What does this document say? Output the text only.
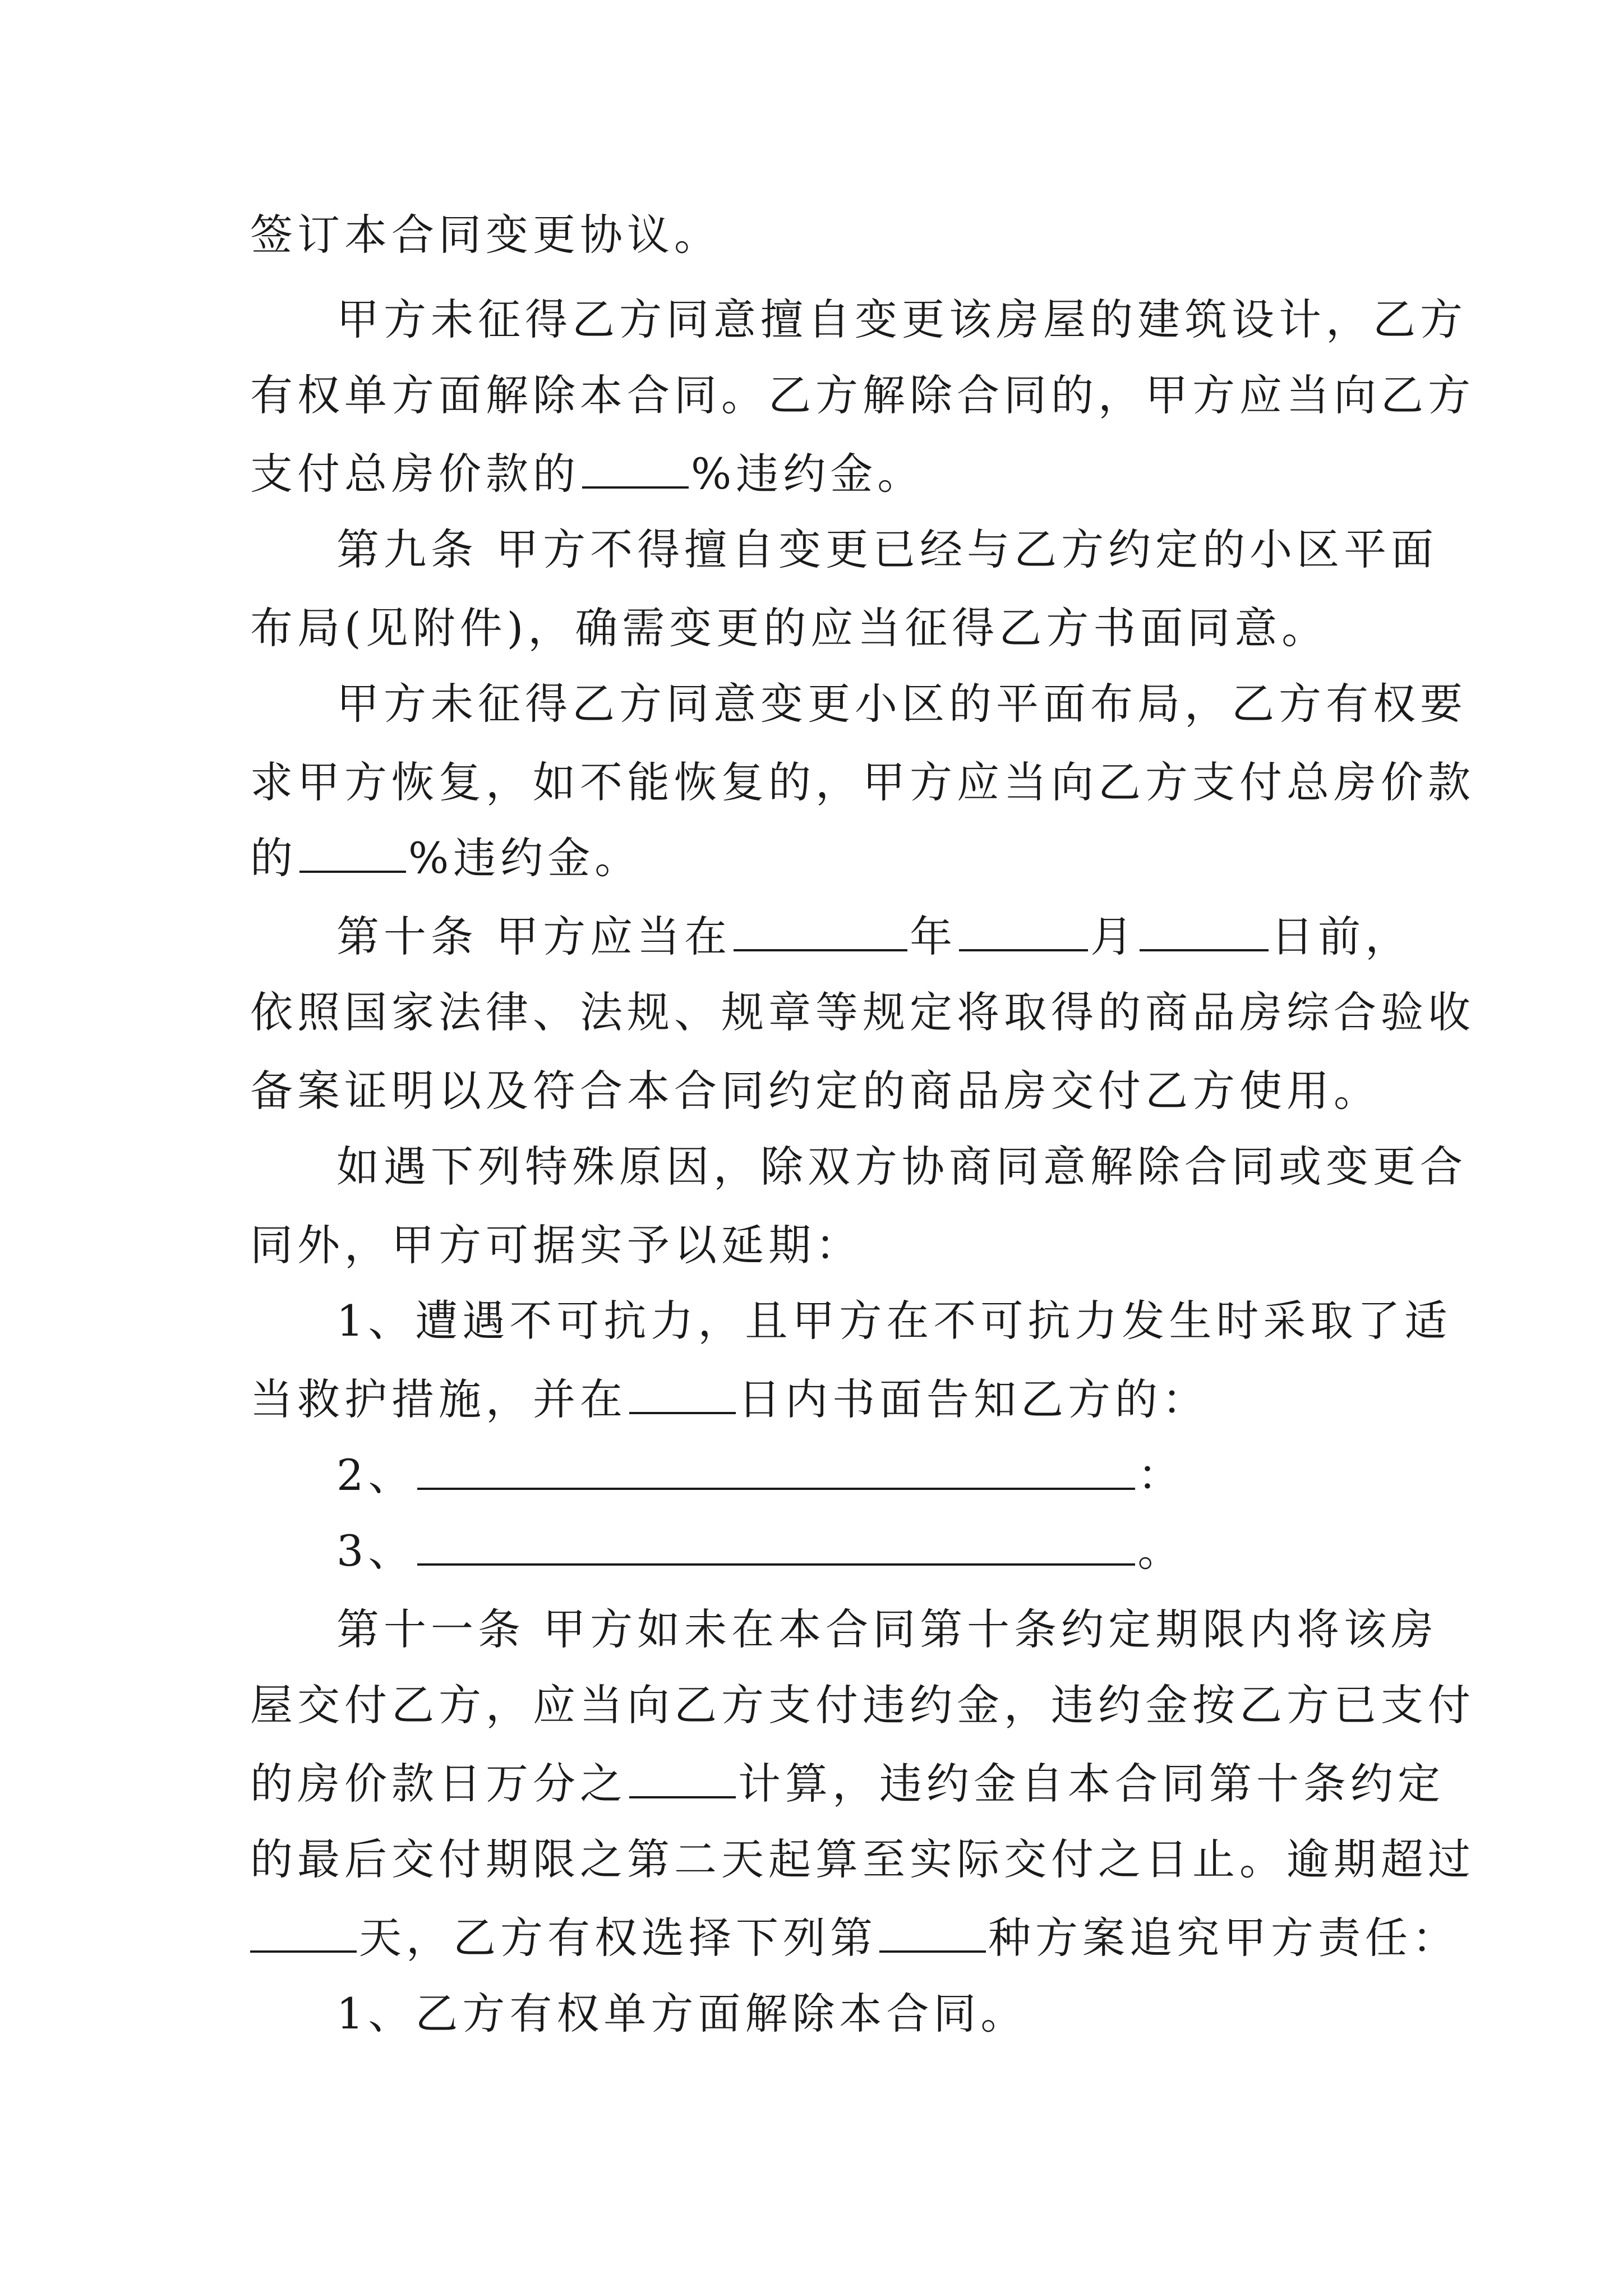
签订本合同变更协议。
甲方未征得乙方同意擅自变更该房屋的建筑设计，乙方
有权单方面解除本合同。乙方解除合同的，甲方应当向乙方
支付总房价款的	%违约金。
第九条 甲方不得擅自变更已经与乙方约定的小区平面
布局(见附件)，确需变更的应当征得乙方书面同意。
甲方未征得乙方同意变更小区的平面布局，乙方有权要
求甲方恢复，如不能恢复的，甲方应当向乙方支付总房价款
的	%违约金。
第十条 甲方应当在	年	月	日前，
依照国家法律、法规、规章等规定将取得的商品房综合验收
备案证明以及符合本合同约定的商品房交付乙方使用。
如遇下列特殊原因，除双方协商同意解除合同或变更合
同外，甲方可据实予以延期：
1、遭遇不可抗力，且甲方在不可抗力发生时采取了适
当救护措施，并在	日内书面告知乙方的：
2、	：
3、	。
第十一条 甲方如未在本合同第十条约定期限内将该房
屋交付乙方，应当向乙方支付违约金，违约金按乙方已支付
的房价款日万分之	计算，违约金自本合同第十条约定
的最后交付期限之第二天起算至实际交付之日止。逾期超过
天，乙方有权选择下列第	种方案追究甲方责任：
1、乙方有权单方面解除本合同。
